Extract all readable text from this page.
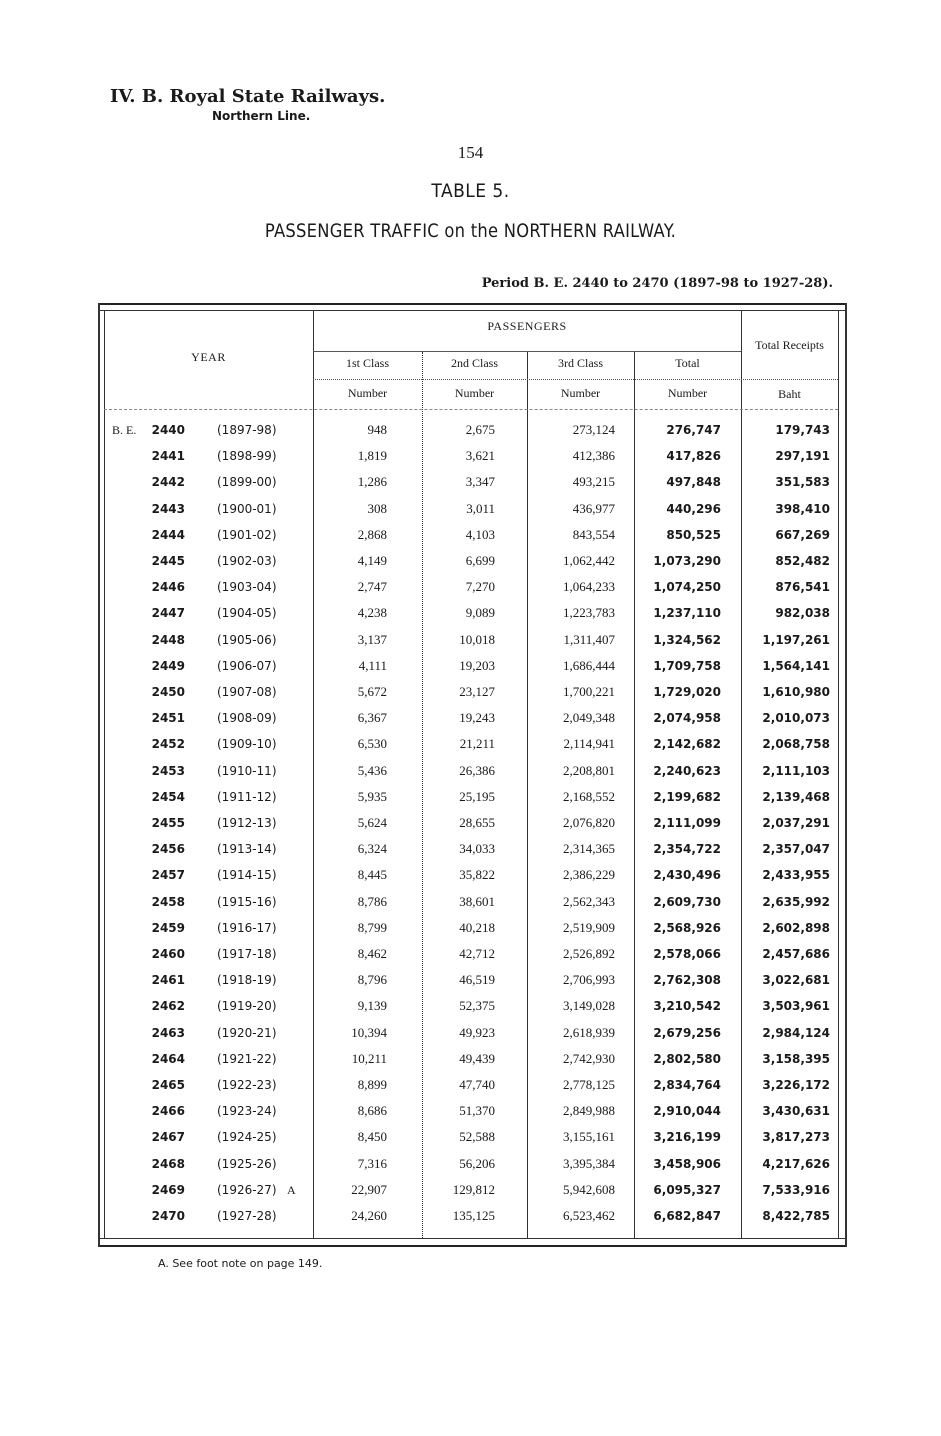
IV. B. Royal State Railways.
Northern Line.
154
TABLE 5.
PASSENGER TRAFFIC on the NORTHERN RAILWAY.
Period B. E. 2440 to 2470 (1897-98 to 1927-28).
YEAR
PASSENGERS
Total Receipts
1st Class	2nd Class	3rd Class	Total
Number	Number	Number	Number	Baht
B. E.	2440	(1897-98)	948	2,675	273,124	276,747	179,743
2441	(1898-99)	1,819	3,621	412,386	417,826	297,191
2442	(1899-00)	1,286	3,347	493,215	497,848	351,583
2443	(1900-01)	308	3,011	436,977	440,296	398,410
2444	(1901-02)	2,868	4,103	843,554	850,525	667,269
2445	(1902-03)	4,149	6,699	1,062,442	1,073,290	852,482
2446	(1903-04)	2,747	7,270	1,064,233	1,074,250	876,541
2447	(1904-05)	4,238	9,089	1,223,783	1,237,110	982,038
2448	(1905-06)	3,137	10,018	1,311,407	1,324,562	1,197,261
2449	(1906-07)	4,111	19,203	1,686,444	1,709,758	1,564,141
2450	(1907-08)	5,672	23,127	1,700,221	1,729,020	1,610,980
2451	(1908-09)	6,367	19,243	2,049,348	2,074,958	2,010,073
2452	(1909-10)	6,530	21,211	2,114,941	2,142,682	2,068,758
2453	(1910-11)	5,436	26,386	2,208,801	2,240,623	2,111,103
2454	(1911-12)	5,935	25,195	2,168,552	2,199,682	2,139,468
2455	(1912-13)	5,624	28,655	2,076,820	2,111,099	2,037,291
2456	(1913-14)	6,324	34,033	2,314,365	2,354,722	2,357,047
2457	(1914-15)	8,445	35,822	2,386,229	2,430,496	2,433,955
2458	(1915-16)	8,786	38,601	2,562,343	2,609,730	2,635,992
2459	(1916-17)	8,799	40,218	2,519,909	2,568,926	2,602,898
2460	(1917-18)	8,462	42,712	2,526,892	2,578,066	2,457,686
2461	(1918-19)	8,796	46,519	2,706,993	2,762,308	3,022,681
2462	(1919-20)	9,139	52,375	3,149,028	3,210,542	3,503,961
2463	(1920-21)	10,394	49,923	2,618,939	2,679,256	2,984,124
2464	(1921-22)	10,211	49,439	2,742,930	2,802,580	3,158,395
2465	(1922-23)	8,899	47,740	2,778,125	2,834,764	3,226,172
2466	(1923-24)	8,686	51,370	2,849,988	2,910,044	3,430,631
2467	(1924-25)	8,450	52,588	3,155,161	3,216,199	3,817,273
2468	(1925-26)	7,316	56,206	3,395,384	3,458,906	4,217,626
2469	(1926-27) A	22,907	129,812	5,942,608	6,095,327	7,533,916
2470	(1927-28)	24,260	135,125	6,523,462	6,682,847	8,422,785
A. See foot note on page 149.
